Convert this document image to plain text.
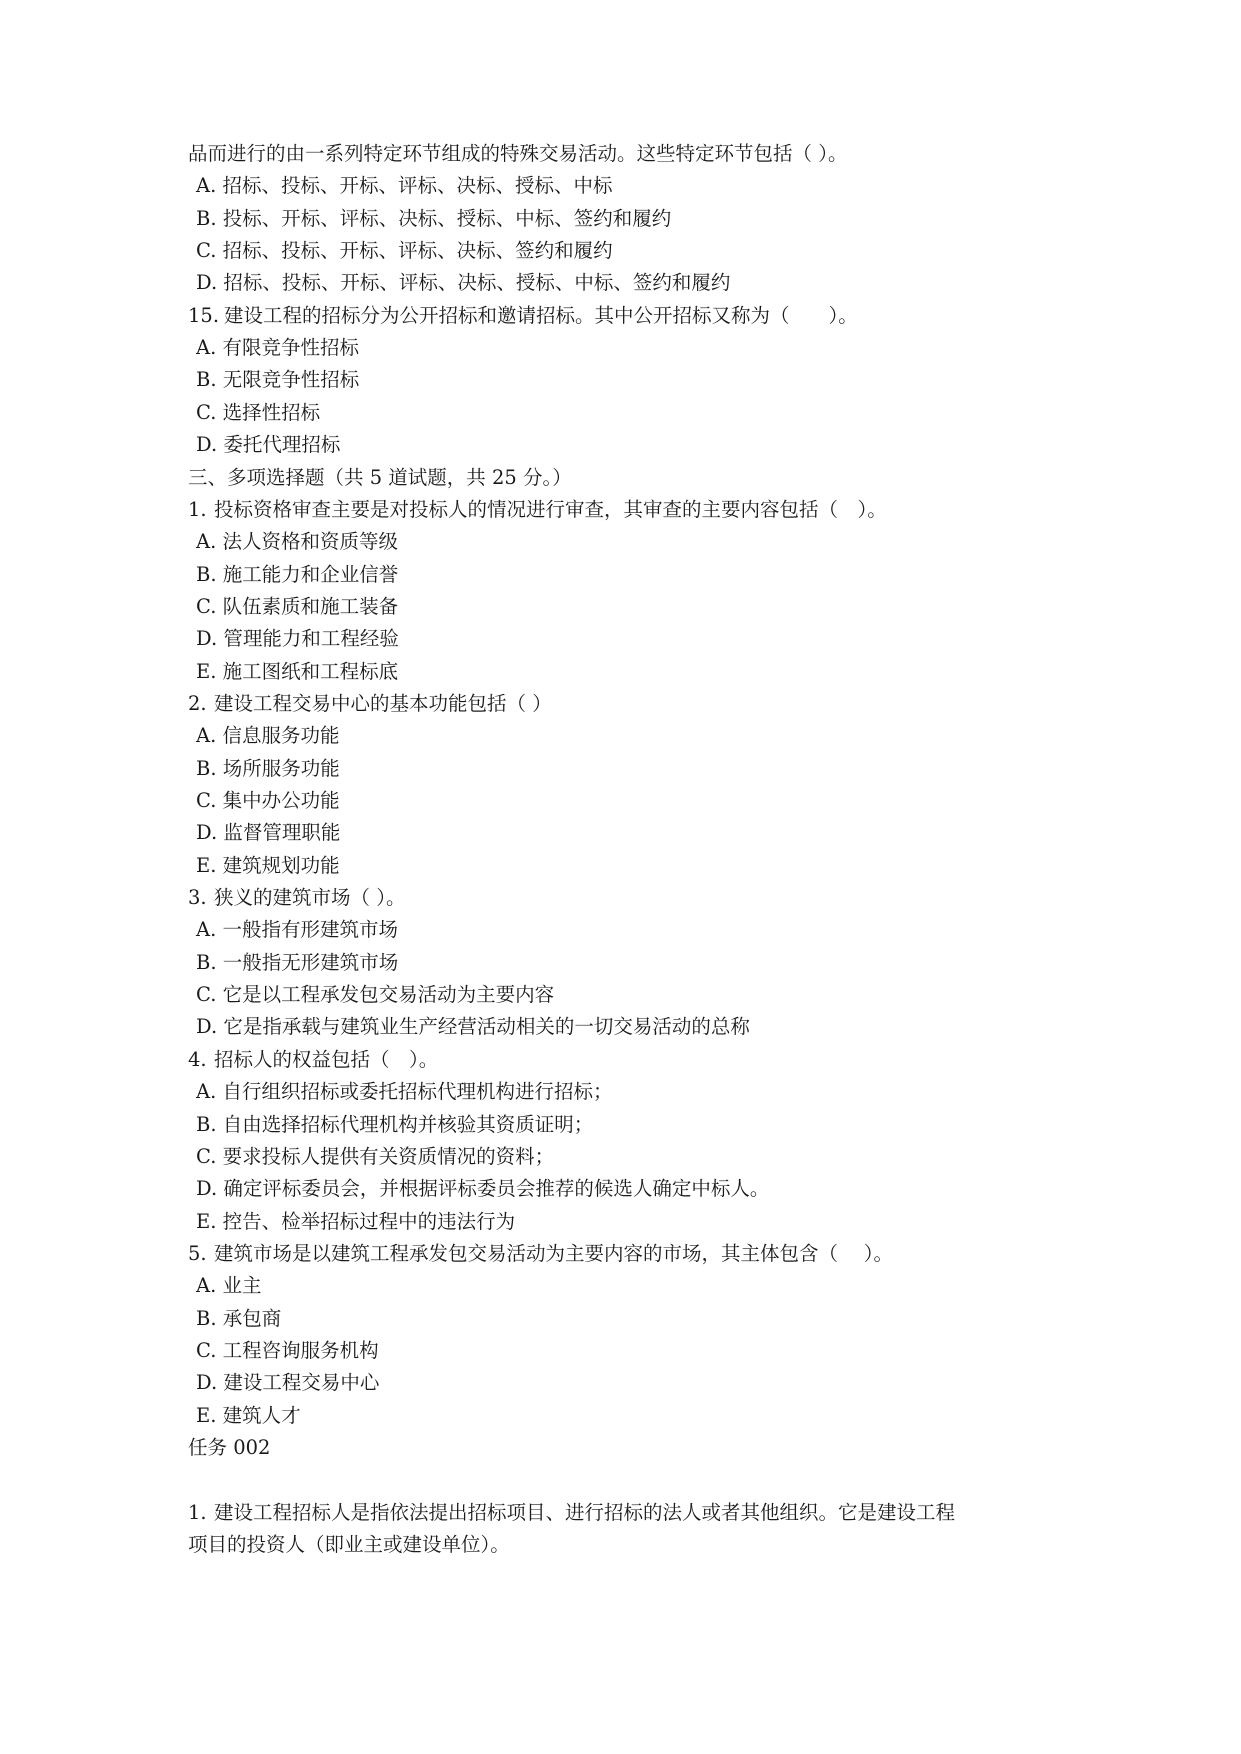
品而进行的由一系列特定环节组成的特殊交易活动。这些特定环节包括（ ）。
A. 招标、投标、开标、评标、决标、授标、中标
B. 投标、开标、评标、决标、授标、中标、签约和履约
C. 招标、投标、开标、评标、决标、签约和履约
D. 招标、投标、开标、评标、决标、授标、中标、签约和履约
15. 建设工程的招标分为公开招标和邀请招标。其中公开招标又称为（　　）。
A. 有限竞争性招标
B. 无限竞争性招标
C. 选择性招标
D. 委托代理招标
三、多项选择题（共 5 道试题，共 25 分。）
1. 投标资格审查主要是对投标人的情况进行审查，其审查的主要内容包括（　）。
A. 法人资格和资质等级
B. 施工能力和企业信誉
C. 队伍素质和施工装备
D. 管理能力和工程经验
E. 施工图纸和工程标底
2. 建设工程交易中心的基本功能包括（ ）
A. 信息服务功能
B. 场所服务功能
C. 集中办公功能
D. 监督管理职能
E. 建筑规划功能
3. 狭义的建筑市场（ ）。
A. 一般指有形建筑市场
B. 一般指无形建筑市场
C. 它是以工程承发包交易活动为主要内容
D. 它是指承载与建筑业生产经营活动相关的一切交易活动的总称
4. 招标人的权益包括（　）。
A. 自行组织招标或委托招标代理机构进行招标；
B. 自由选择招标代理机构并核验其资质证明；
C. 要求投标人提供有关资质情况的资料；
D. 确定评标委员会，并根据评标委员会推荐的候选人确定中标人。
E. 控告、检举招标过程中的违法行为
5. 建筑市场是以建筑工程承发包交易活动为主要内容的市场，其主体包含（　 ）。
A. 业主
B. 承包商
C. 工程咨询服务机构
D. 建设工程交易中心
E. 建筑人才
任务 002
1. 建设工程招标人是指依法提出招标项目、进行招标的法人或者其他组织。它是建设工程
项目的投资人（即业主或建设单位）。
